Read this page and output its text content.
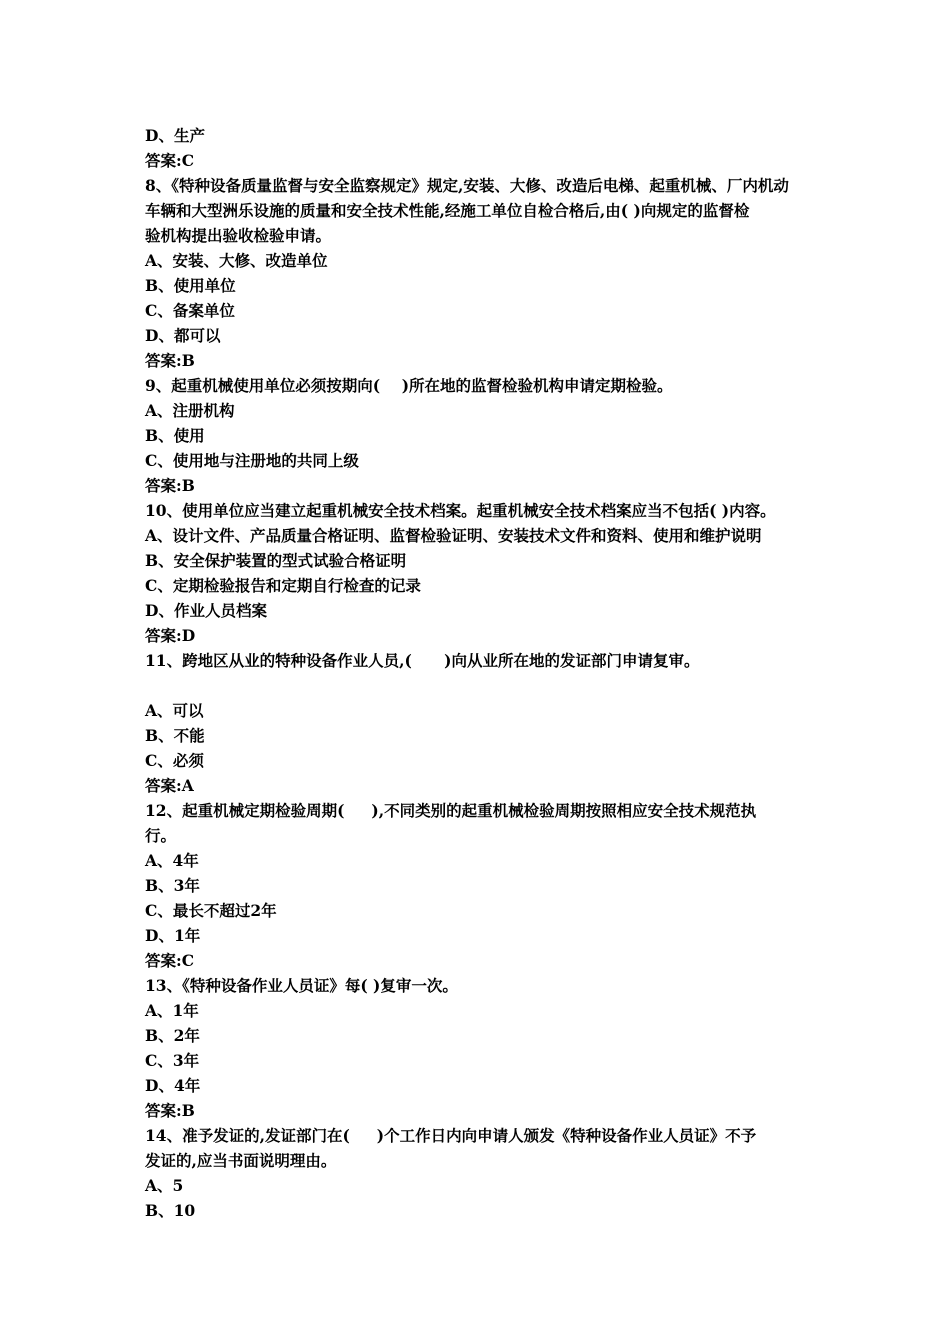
D、生产
答案:C
8、《特种设备质量监督与安全监察规定》规定,安装、大修、改造后电梯、起重机械、厂内机动
车辆和大型洲乐设施的质量和安全技术性能,经施工单位自检合格后,由( )向规定的监督检
验机构提出验收检验申请。
A、安装、大修、改造单位
B、使用单位
C、备案单位
D、都可以
答案:B
9、起重机械使用单位必须按期向(    )所在地的监督检验机构申请定期检验。
A、注册机构
B、使用
C、使用地与注册地的共同上级
答案:B
10、使用单位应当建立起重机械安全技术档案。起重机械安全技术档案应当不包括( )内容。
A、设计文件、产品质量合格证明、监督检验证明、安装技术文件和资料、使用和维护说明
B、安全保护装置的型式试验合格证明
C、定期检验报告和定期自行检查的记录
D、作业人员档案
答案:D
11、跨地区从业的特种设备作业人员,(      )向从业所在地的发证部门申请复审。
A、可以
B、不能
C、必须
答案:A
12、起重机械定期检验周期(     ),不同类别的起重机械检验周期按照相应安全技术规范执
行。
A、4年
B、3年
C、最长不超过2年
D、1年
答案:C
13、《特种设备作业人员证》每( )复审一次。
A、1年
B、2年
C、3年
D、4年
答案:B
14、准予发证的,发证部门在(     )个工作日内向申请人颁发《特种设备作业人员证》不予
发证的,应当书面说明理由。
A、5
B、10
